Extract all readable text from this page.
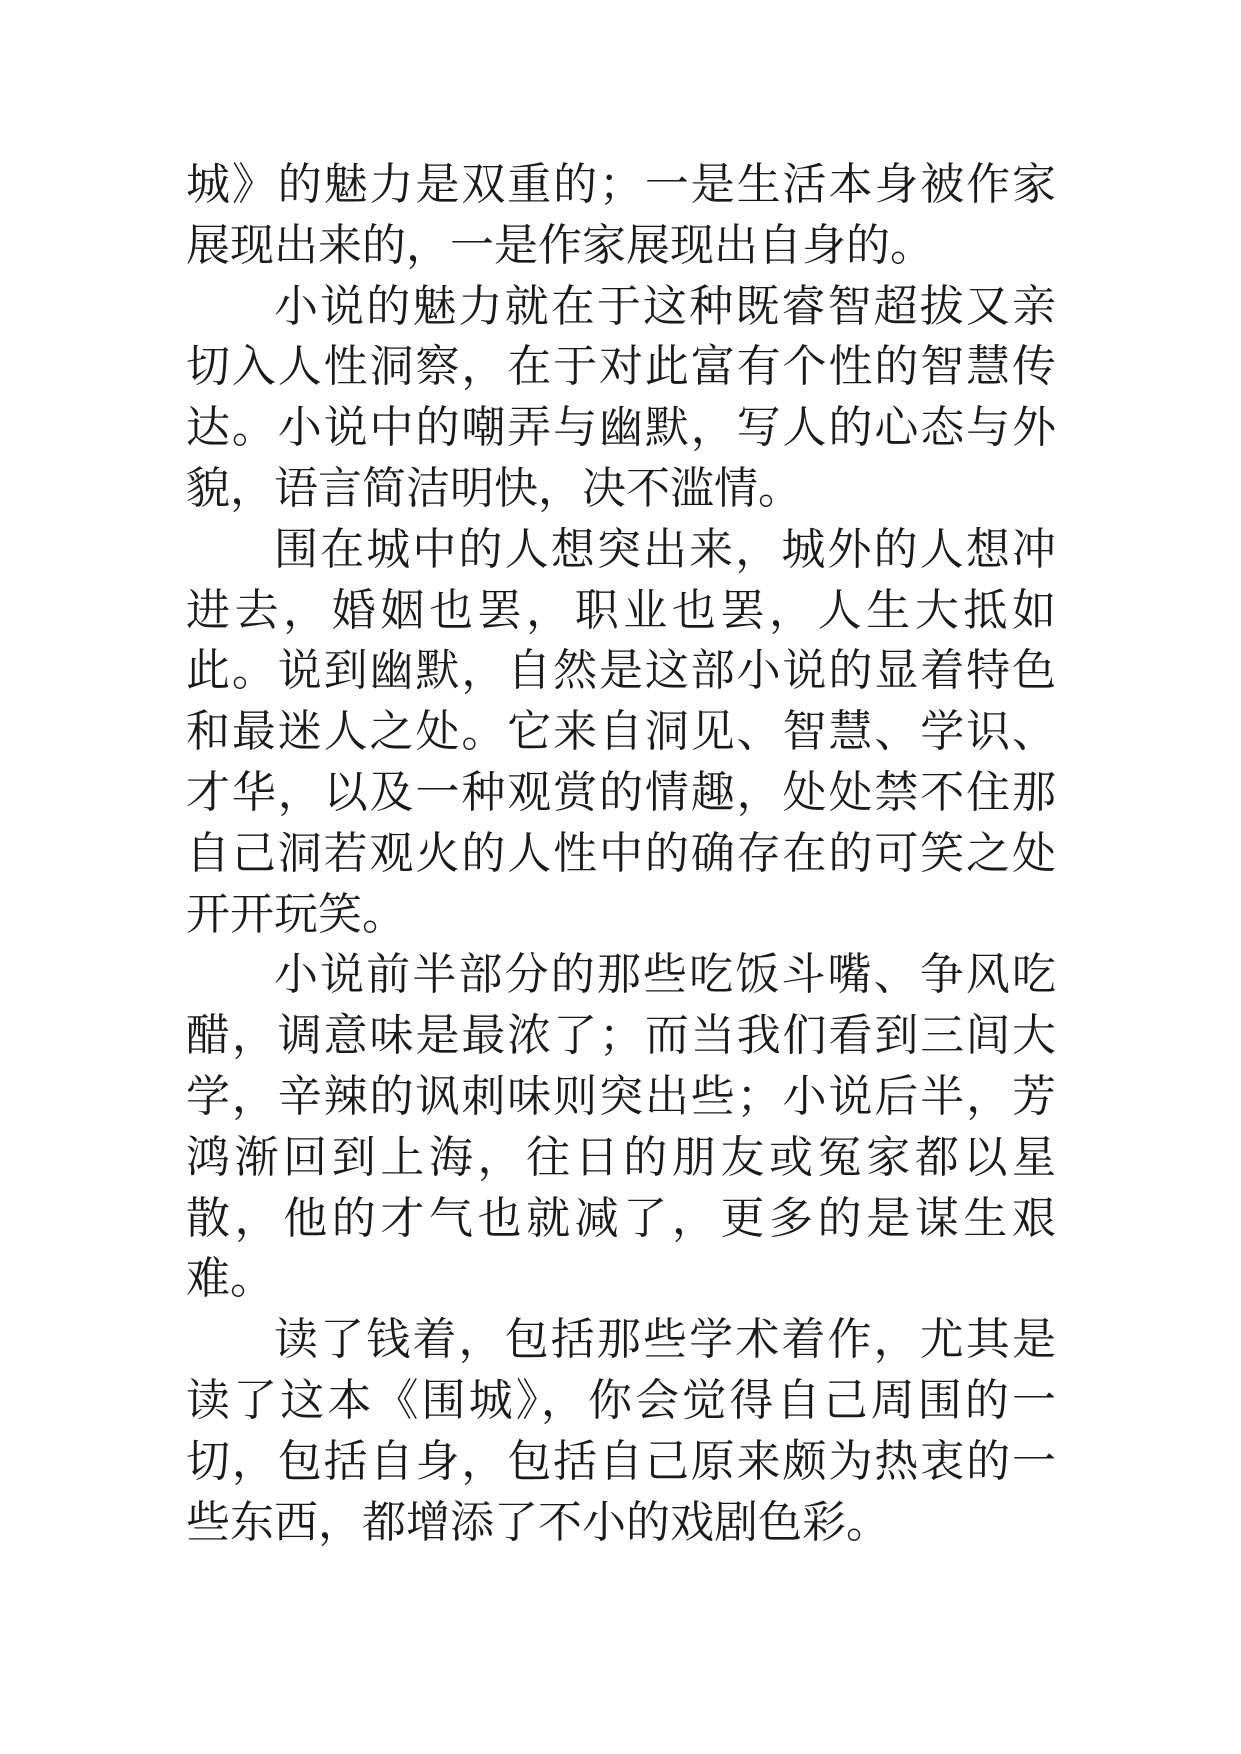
城》的魅力是双重的；一是生活本身被作家展现出来的，一是作家展现出自身的。

小说的魅力就在于这种既睿智超拔又亲切入人性洞察，在于对此富有个性的智慧传达。小说中的嘲弄与幽默，写人的心态与外貌，语言简洁明快，决不滥情。

围在城中的人想突出来，城外的人想冲进去，婚姻也罢，职业也罢，人生大抵如此。说到幽默，自然是这部小说的显着特色和最迷人之处。它来自洞见、智慧、学识、才华，以及一种观赏的情趣，处处禁不住那自己洞若观火的人性中的确存在的可笑之处开开玩笑。

小说前半部分的那些吃饭斗嘴、争风吃醋，调意味是最浓了；而当我们看到三闾大学，辛辣的讽刺味则突出些；小说后半，芳鸿渐回到上海，往日的朋友或冤家都以星散，他的才气也就减了，更多的是谋生艰难。

读了钱着，包括那些学术着作，尤其是读了这本《围城》，你会觉得自己周围的一切，包括自身，包括自己原来颇为热衷的一些东西，都增添了不小的戏剧色彩。
